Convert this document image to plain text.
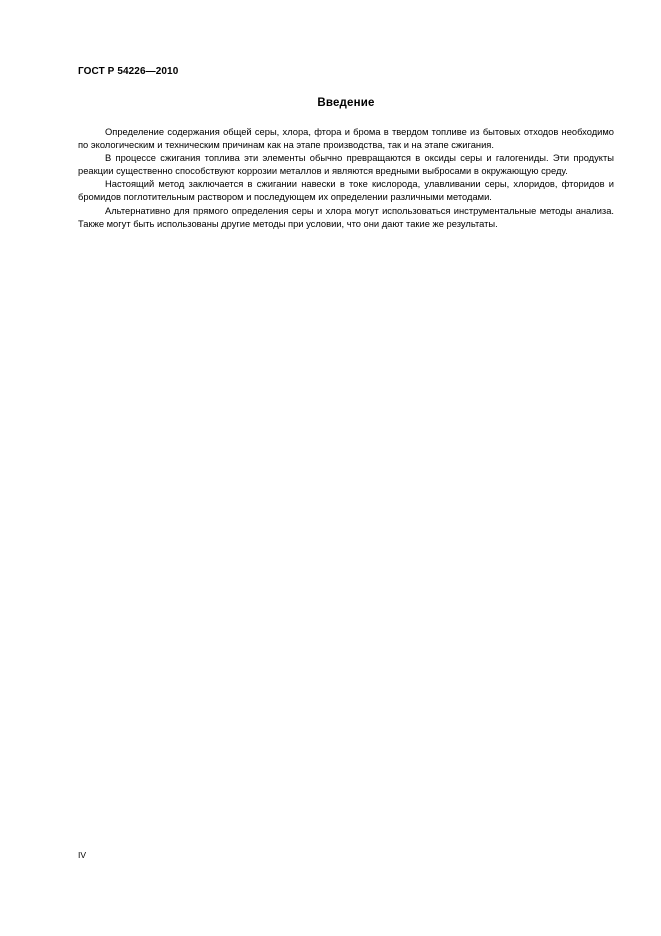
ГОСТ Р 54226—2010
Введение

Определение содержания общей серы, хлора, фтора и брома в твердом топливе из бытовых отходов необходимо по экологическим и техническим причинам как на этапе производства, так и на этапе сжигания.

В процессе сжигания топлива эти элементы обычно превращаются в оксиды серы и галогениды. Эти продукты реакции существенно способствуют коррозии металлов и являются вредными выбросами в окружающую среду.

Настоящий метод заключается в сжигании навески в токе кислорода, улавливании серы, хлоридов, фторидов и бромидов поглотительным раствором и последующем их определении различными методами.

Альтернативно для прямого определения серы и хлора могут использоваться инструментальные методы анализа. Также могут быть использованы другие методы при условии, что они дают такие же результаты.

IV
